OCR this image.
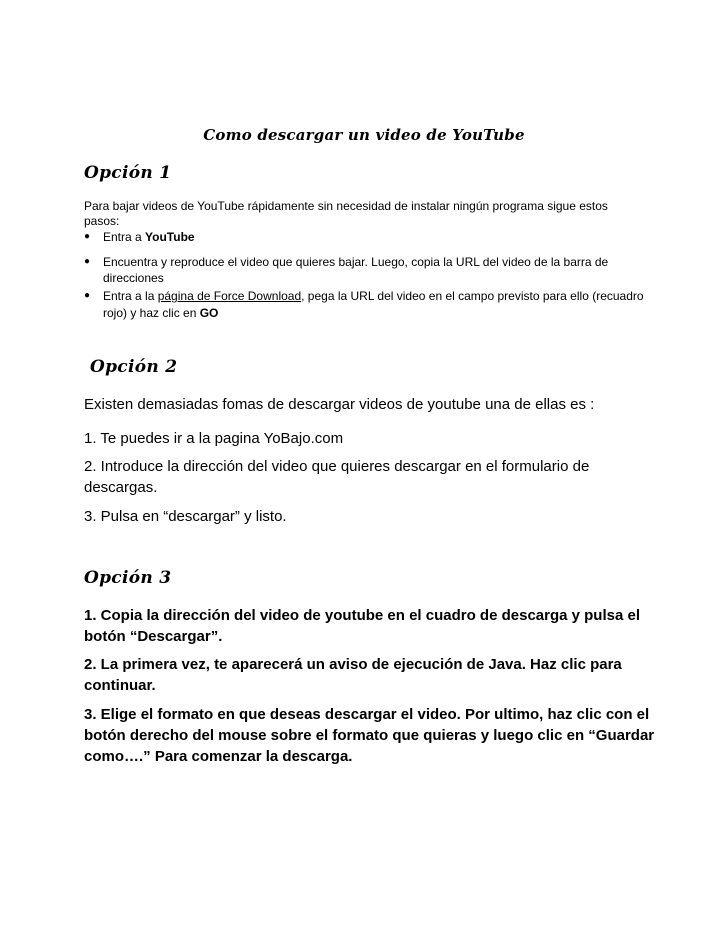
Como descargar un video de YouTube
Opción 1
Para bajar videos de YouTube rápidamente sin necesidad de instalar ningún programa sigue estos
pasos:
● Entra a YouTube
● Encuentra y reproduce el video que quieres bajar. Luego, copia la URL del video de la barra de
direcciones
● Entra a la página de Force Download, pega la URL del video en el campo previsto para ello (recuadro
rojo) y haz clic en GO
Opción 2
Existen demasiadas fomas de descargar videos de youtube una de ellas es :
1. Te puedes ir a la pagina YoBajo.com
2. Introduce la dirección del video que quieres descargar en el formulario de
descargas.
3. Pulsa en “descargar” y listo.
Opción 3
1. Copia la dirección del video de youtube en el cuadro de descarga y pulsa el
botón “Descargar”.
2. La primera vez, te aparecerá un aviso de ejecución de Java. Haz clic para
continuar.
3. Elige el formato en que deseas descargar el video. Por ultimo, haz clic con el
botón derecho del mouse sobre el formato que quieras y luego clic en “Guardar
como….” Para comenzar la descarga.
